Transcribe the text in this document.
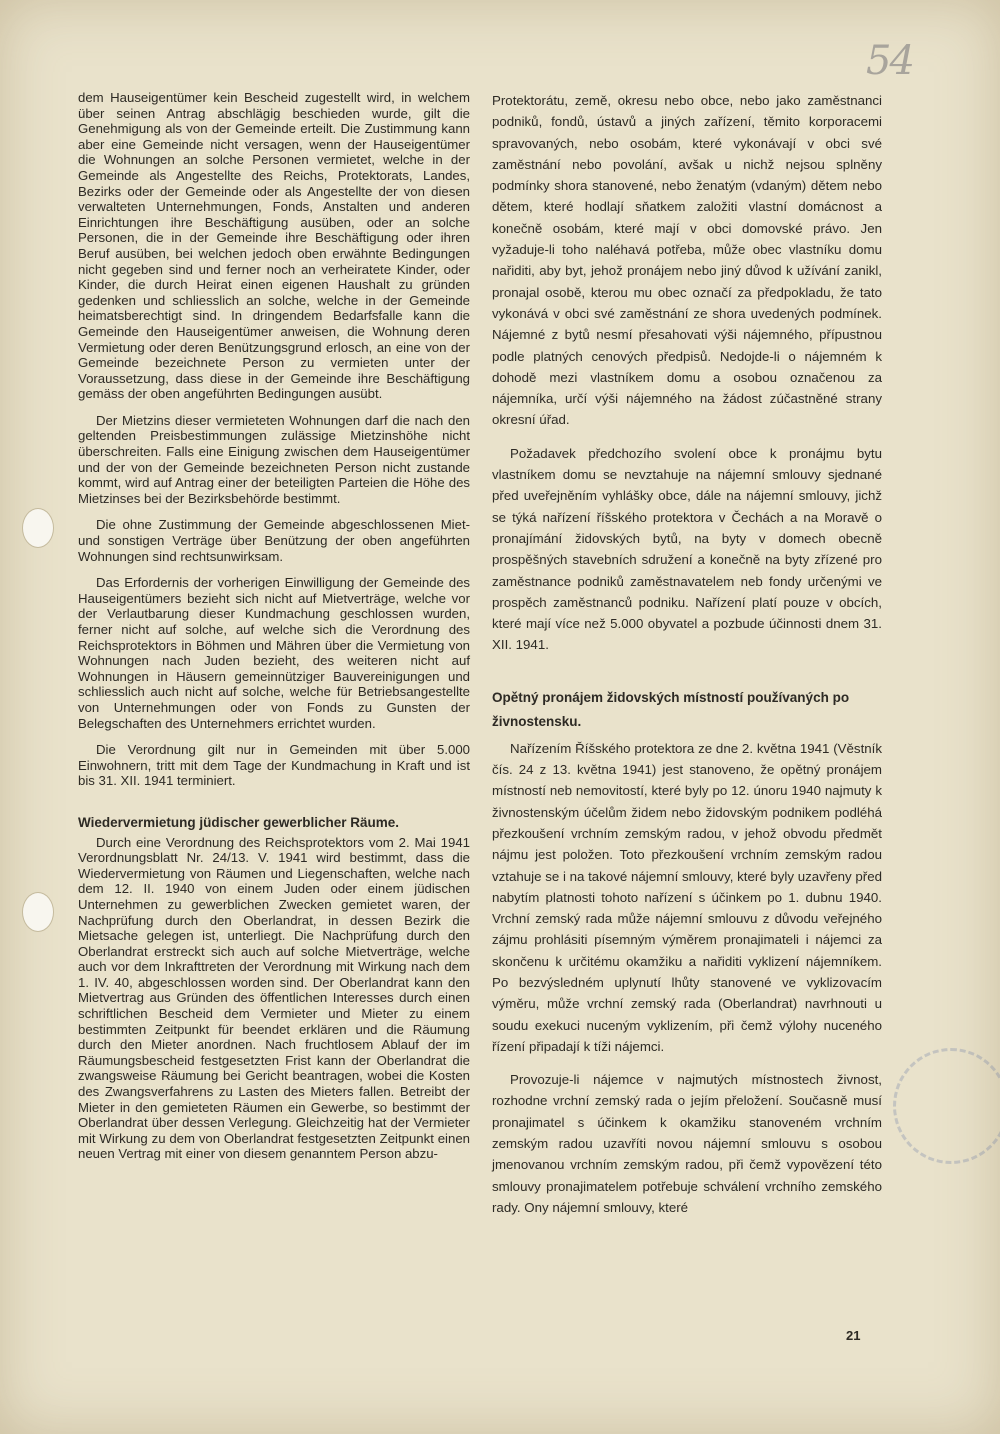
54

dem Hauseigentümer kein Bescheid zugestellt wird, in welchem über seinen Antrag abschlägig beschieden wurde, gilt die Genehmigung als von der Gemeinde erteilt. Die Zustimmung kann aber eine Gemeinde nicht versagen, wenn der Hauseigentümer die Wohnungen an solche Personen vermietet, welche in der Gemeinde als Angestellte des Reichs, Protektorats, Landes, Bezirks oder der Gemeinde oder als Angestellte der von diesen verwalteten Unternehmungen, Fonds, Anstalten und anderen Einrichtungen ihre Beschäftigung ausüben, oder an solche Personen, die in der Gemeinde ihre Beschäftigung oder ihren Beruf ausüben, bei welchen jedoch oben erwähnte Bedingungen nicht gegeben sind und ferner noch an verheiratete Kinder, oder Kinder, die durch Heirat einen eigenen Haushalt zu gründen gedenken und schliesslich an solche, welche in der Gemeinde heimatsberechtigt sind. In dringendem Bedarfsfalle kann die Gemeinde den Hauseigentümer anweisen, die Wohnung deren Vermietung oder deren Benützungsgrund erlosch, an eine von der Gemeinde bezeichnete Person zu vermieten unter der Voraussetzung, dass diese in der Gemeinde ihre Beschäftigung gemäss der oben angeführten Bedingungen ausübt.

Der Mietzins dieser vermieteten Wohnungen darf die nach den geltenden Preisbestimmungen zulässige Mietzinshöhe nicht überschreiten. Falls eine Einigung zwischen dem Hauseigentümer und der von der Gemeinde bezeichneten Person nicht zustande kommt, wird auf Antrag einer der beteiligten Parteien die Höhe des Mietzinses bei der Bezirksbehörde bestimmt.

Die ohne Zustimmung der Gemeinde abgeschlossenen Miet- und sonstigen Verträge über Benützung der oben angeführten Wohnungen sind rechtsunwirksam.

Das Erfordernis der vorherigen Einwilligung der Gemeinde des Hauseigentümers bezieht sich nicht auf Mietverträge, welche vor der Verlautbarung dieser Kundmachung geschlossen wurden, ferner nicht auf solche, auf welche sich die Verordnung des Reichsprotektors in Böhmen und Mähren über die Vermietung von Wohnungen nach Juden bezieht, des weiteren nicht auf Wohnungen in Häusern gemeinnütziger Bauvereinigungen und schliesslich auch nicht auf solche, welche für Betriebsangestellte von Unternehmungen oder von Fonds zu Gunsten der Belegschaften des Unternehmers errichtet wurden.

Die Verordnung gilt nur in Gemeinden mit über 5.000 Einwohnern, tritt mit dem Tage der Kundmachung in Kraft und ist bis 31. XII. 1941 terminiert.

Wiedervermietung jüdischer gewerblicher Räume.

Durch eine Verordnung des Reichsprotektors vom 2. Mai 1941 Verordnungsblatt Nr. 24/13. V. 1941 wird bestimmt, dass die Wiedervermietung von Räumen und Liegenschaften, welche nach dem 12. II. 1940 von einem Juden oder einem jüdischen Unternehmen zu gewerblichen Zwecken gemietet waren, der Nachprüfung durch den Oberlandrat, in dessen Bezirk die Mietsache gelegen ist, unterliegt. Die Nachprüfung durch den Oberlandrat erstreckt sich auch auf solche Mietverträge, welche auch vor dem Inkrafttreten der Verordnung mit Wirkung nach dem 1. IV. 40, abgeschlossen worden sind. Der Oberlandrat kann den Mietvertrag aus Gründen des öffentlichen Interesses durch einen schriftlichen Bescheid dem Vermieter und Mieter zu einem bestimmten Zeitpunkt für beendet erklären und die Räumung durch den Mieter anordnen. Nach fruchtlosem Ablauf der im Räumungsbescheid festgesetzten Frist kann der Oberlandrat die zwangsweise Räumung bei Gericht beantragen, wobei die Kosten des Zwangsverfahrens zu Lasten des Mieters fallen. Betreibt der Mieter in den gemieteten Räumen ein Gewerbe, so bestimmt der Oberlandrat über dessen Verlegung. Gleichzeitig hat der Vermieter mit Wirkung zu dem von Oberlandrat festgesetzten Zeitpunkt einen neuen Vertrag mit einer von diesem genanntem Person abzu-

Protektorátu, země, okresu nebo obce, nebo jako zaměstnanci podniků, fondů, ústavů a jiných zařízení, těmito korporacemi spravovaných, nebo osobám, které vykonávají v obci své zaměstnání nebo povolání, avšak u nichž nejsou splněny podmínky shora stanovené, nebo ženatým (vdaným) dětem nebo dětem, které hodlají sňatkem založiti vlastní domácnost a konečně osobám, které mají v obci domovské právo. Jen vyžaduje-li toho naléhavá potřeba, může obec vlastníku domu nařiditi, aby byt, jehož pronájem nebo jiný důvod k užívání zanikl, pronajal osobě, kterou mu obec označí za předpokladu, že tato vykonává v obci své zaměstnání ze shora uvedených podmínek. Nájemné z bytů nesmí přesahovati výši nájemného, přípustnou podle platných cenových předpisů. Nedojde-li o nájemném k dohodě mezi vlastníkem domu a osobou označenou za nájemníka, určí výši nájemného na žádost zúčastněné strany okresní úřad.

Požadavek předchozího svolení obce k pronájmu bytu vlastníkem domu se nevztahuje na nájemní smlouvy sjednané před uveřejněním vyhlášky obce, dále na nájemní smlouvy, jichž se týká nařízení říšského protektora v Čechách a na Moravě o pronajímání židovských bytů, na byty v domech obecně prospěšných stavebních sdružení a konečně na byty zřízené pro zaměstnance podniků zaměstnavatelem neb fondy určenými ve prospěch zaměstnanců podniku. Nařízení platí pouze v obcích, které mají více než 5.000 obyvatel a pozbude účinnosti dnem 31. XII. 1941.

Opětný pronájem židovských místností používaných po živnostensku.

Nařízením Říšského protektora ze dne 2. května 1941 (Věstník čís. 24 z 13. května 1941) jest stanoveno, že opětný pronájem místností neb nemovitostí, které byly po 12. únoru 1940 najmuty k živnostenským účelům židem nebo židovským podnikem podléhá přezkoušení vrchním zemským radou, v jehož obvodu předmět nájmu jest položen. Toto přezkoušení vrchním zemským radou vztahuje se i na takové nájemní smlouvy, které byly uzavřeny před nabytím platnosti tohoto nařízení s účinkem po 1. dubnu 1940. Vrchní zemský rada může nájemní smlouvu z důvodu veřejného zájmu prohlásiti písemným výměrem pronajimateli i nájemci za skončenu k určitému okamžiku a nařiditi vyklizení nájemníkem. Po bezvýsledném uplynutí lhůty stanovené ve vyklizovacím výměru, může vrchní zemský rada (Oberlandrat) navrhnouti u soudu exekuci nuceným vyklizením, při čemž výlohy nuceného řízení připadají k tíži nájemci.

Provozuje-li nájemce v najmutých místnostech živnost, rozhodne vrchní zemský rada o jejím přeložení. Současně musí pronajimatel s účinkem k okamžiku stanoveném vrchním zemským radou uzavříti novou nájemní smlouvu s osobou jmenovanou vrchním zemským radou, při čemž vypovězení této smlouvy pronajimatelem potřebuje schválení vrchního zemského rady. Ony nájemní smlouvy, které

21
